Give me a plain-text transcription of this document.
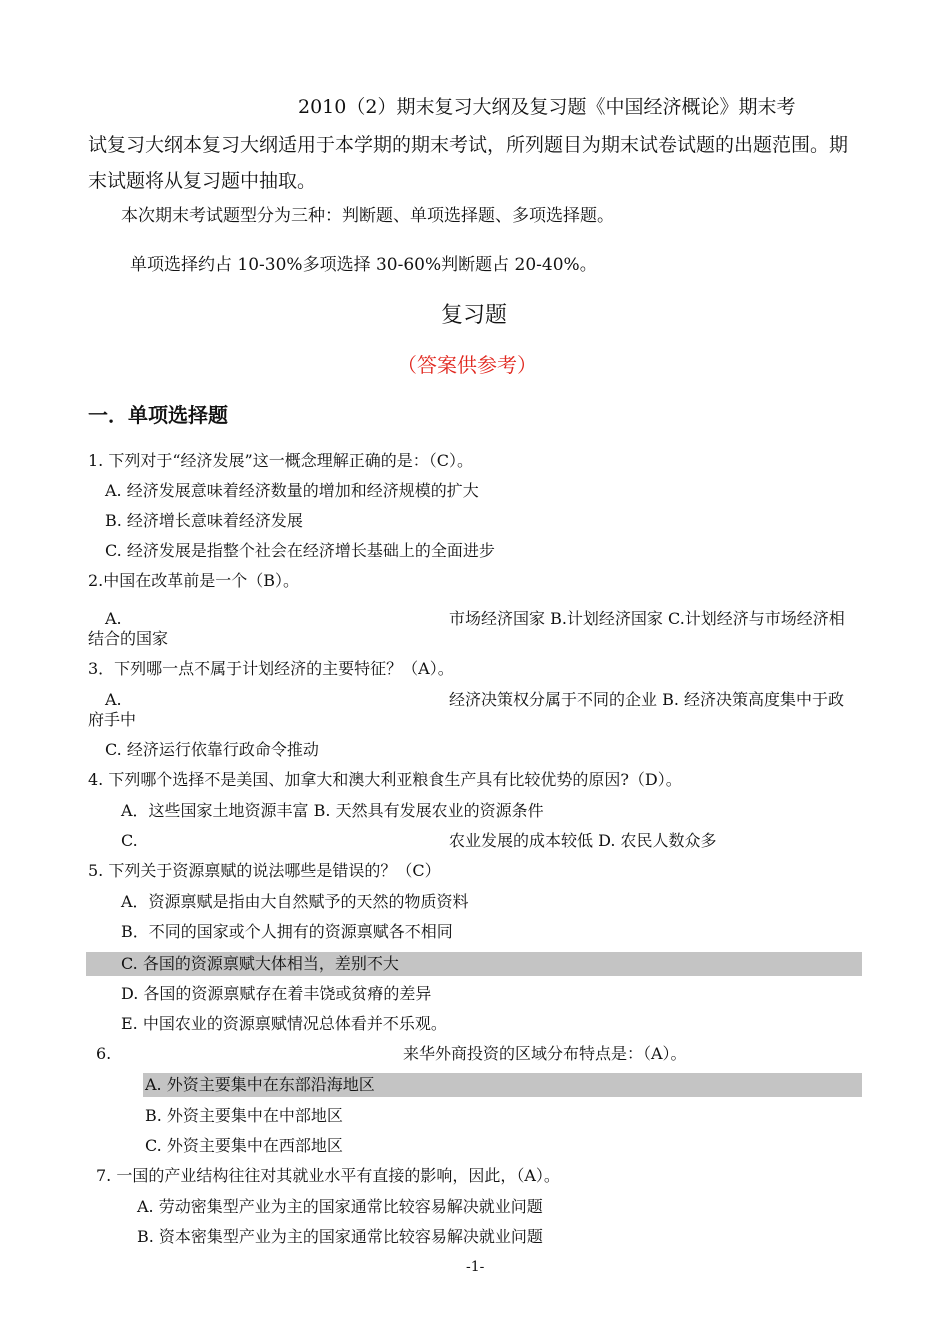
2010（2）期末复习大纲及复习题《中国经济概论》期末考
试复习大纲本复习大纲适用于本学期的期末考试，所列题目为期末试卷试题的出题范围。期
末试题将从复习题中抽取。
本次期末考试题型分为三种：判断题、单项选择题、多项选择题。
单项选择约占 10-30%多项选择 30-60%判断题占 20-40%。
复习题
（答案供参考）
一．单项选择题
1. 下列对于“经济发展”这一概念理解正确的是：（C）。
A. 经济发展意味着经济数量的增加和经济规模的扩大
B. 经济增长意味着经济发展
C. 经济发展是指整个社会在经济增长基础上的全面进步
2.中国在改革前是一个（B）。
A.	市场经济国家 B.计划经济国家 C.计划经济与市场经济相
结合的国家
3．下列哪一点不属于计划经济的主要特征？（A）。
A.	经济决策权分属于不同的企业 B. 经济决策高度集中于政
府手中
C. 经济运行依靠行政命令推动
4. 下列哪个选择不是美国、加拿大和澳大利亚粮食生产具有比较优势的原因?（D）。
A．这些国家土地资源丰富 B. 天然具有发展农业的资源条件
C.	农业发展的成本较低 D. 农民人数众多
5. 下列关于资源禀赋的说法哪些是错误的？（C）
A．资源禀赋是指由大自然赋予的天然的物质资料
B．不同的国家或个人拥有的资源禀赋各不相同
C. 各国的资源禀赋大体相当，差别不大
D. 各国的资源禀赋存在着丰饶或贫瘠的差异
E. 中国农业的资源禀赋情况总体看并不乐观。
6.	来华外商投资的区域分布特点是：（A）。
A. 外资主要集中在东部沿海地区
B. 外资主要集中在中部地区
C. 外资主要集中在西部地区
7. 一国的产业结构往往对其就业水平有直接的影响，因此，（A）。
A. 劳动密集型产业为主的国家通常比较容易解决就业问题
B. 资本密集型产业为主的国家通常比较容易解决就业问题
-1-
